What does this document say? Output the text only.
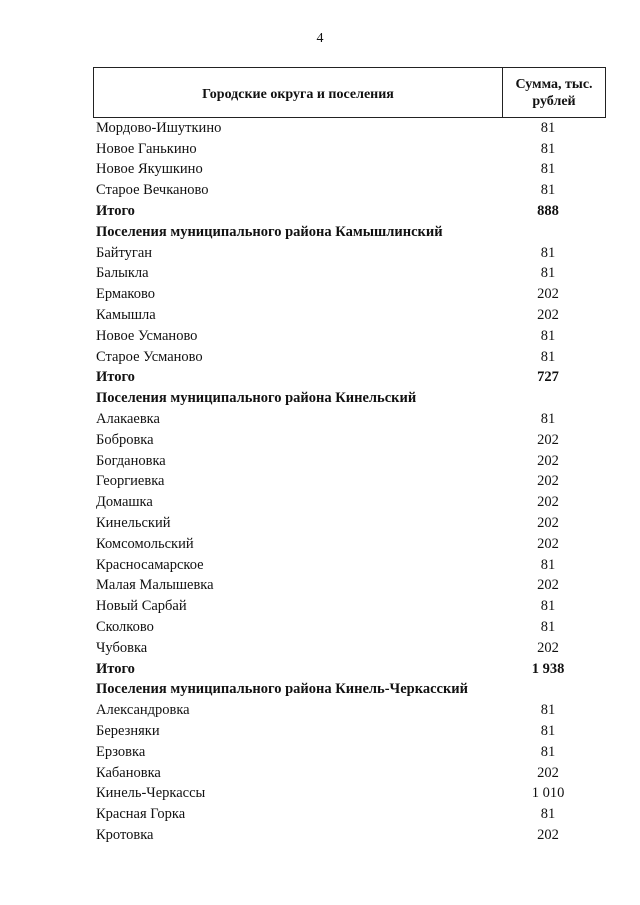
4
Городские округа и поселения
Сумма, тыс.
рублей
Мордово-Ишуткино	81
Новое Ганькино	81
Новое Якушкино	81
Старое Вечканово	81
Итого	888
Поселения муниципального района Камышлинский
Байтуган	81
Балыкла	81
Ермаково	202
Камышла	202
Новое Усманово	81
Старое Усманово	81
Итого	727
Поселения муниципального района Кинельский
Алакаевка	81
Бобровка	202
Богдановка	202
Георгиевка	202
Домашка	202
Кинельский	202
Комсомольский	202
Красносамарское	81
Малая Малышевка	202
Новый Сарбай	81
Сколково	81
Чубовка	202
Итого	1 938
Поселения муниципального района Кинель-Черкасский
Александровка	81
Березняки	81
Ерзовка	81
Кабановка	202
Кинель-Черкассы	1 010
Красная Горка	81
Кротовка	202
